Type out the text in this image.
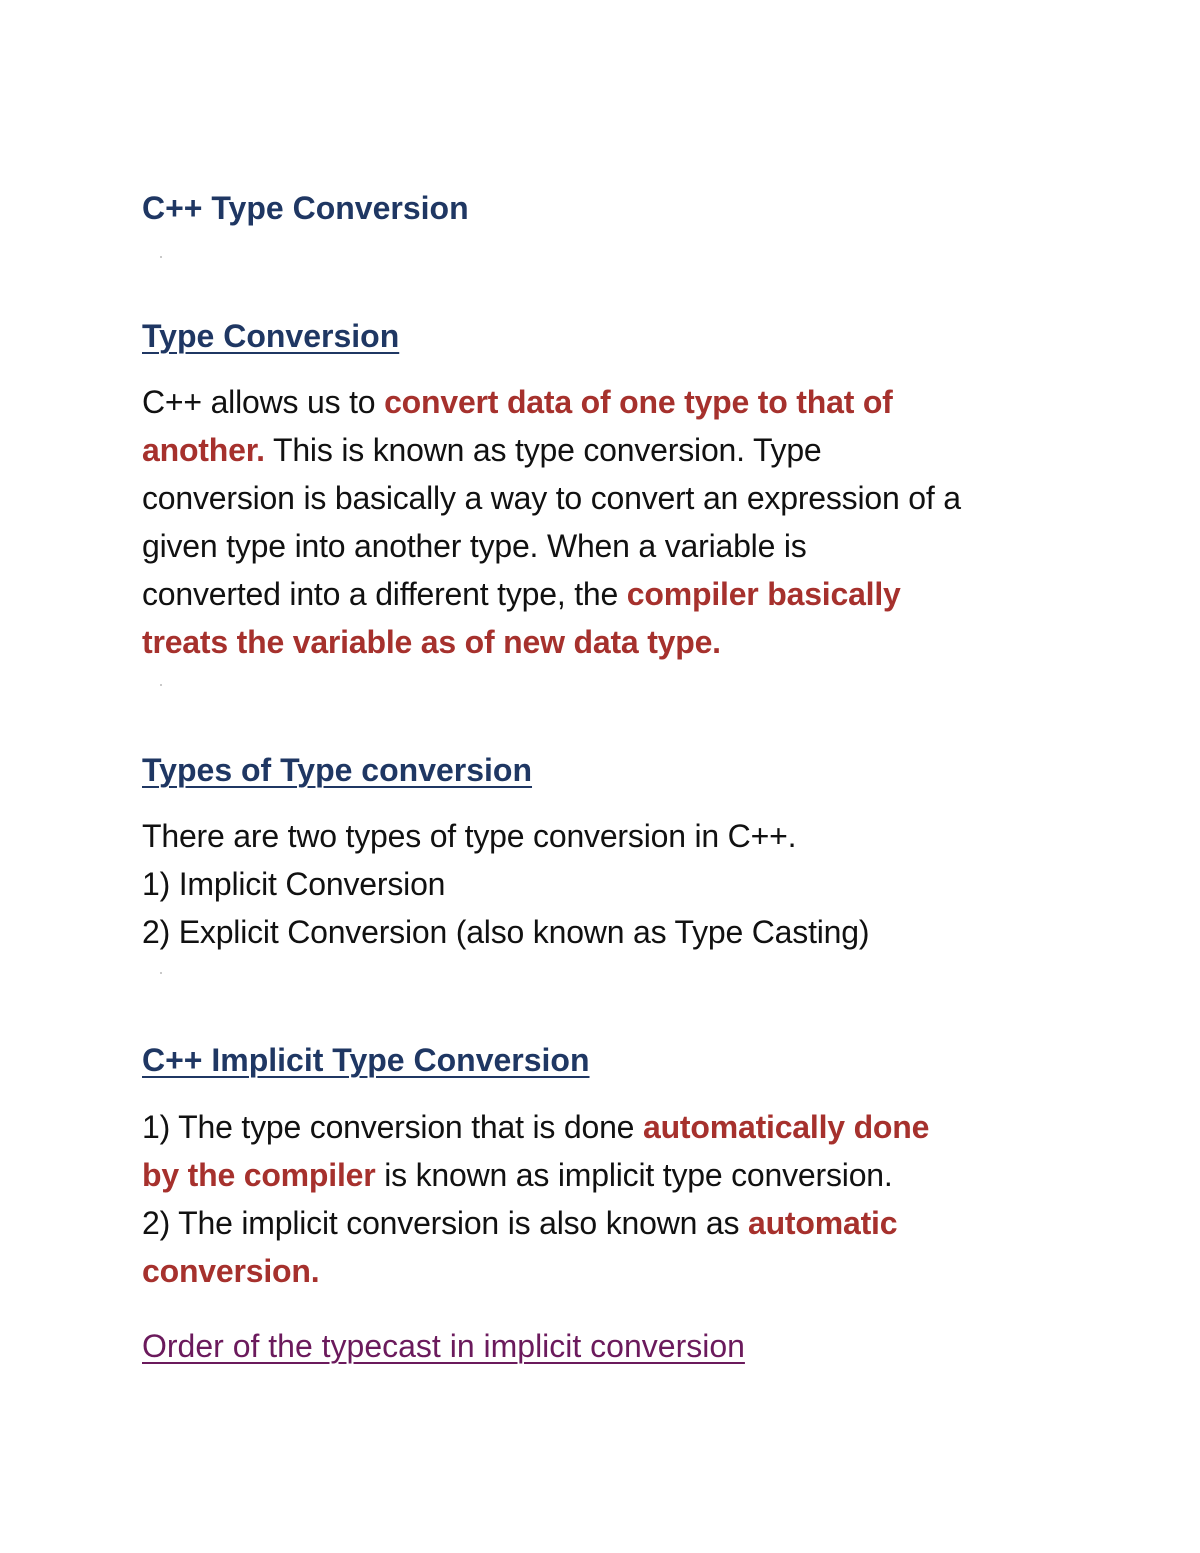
C++ Type Conversion
Type Conversion
C++ allows us to convert data of one type to that of
another. This is known as type conversion. Type
conversion is basically a way to convert an expression of a
given type into another type. When a variable is
converted into a different type, the compiler basically
treats the variable as of new data type.
Types of Type conversion
There are two types of type conversion in C++.
1) Implicit Conversion
2) Explicit Conversion (also known as Type Casting)
C++ Implicit Type Conversion
1) The type conversion that is done automatically done
by the compiler is known as implicit type conversion.
2) The implicit conversion is also known as automatic
conversion.
Order of the typecast in implicit conversion
